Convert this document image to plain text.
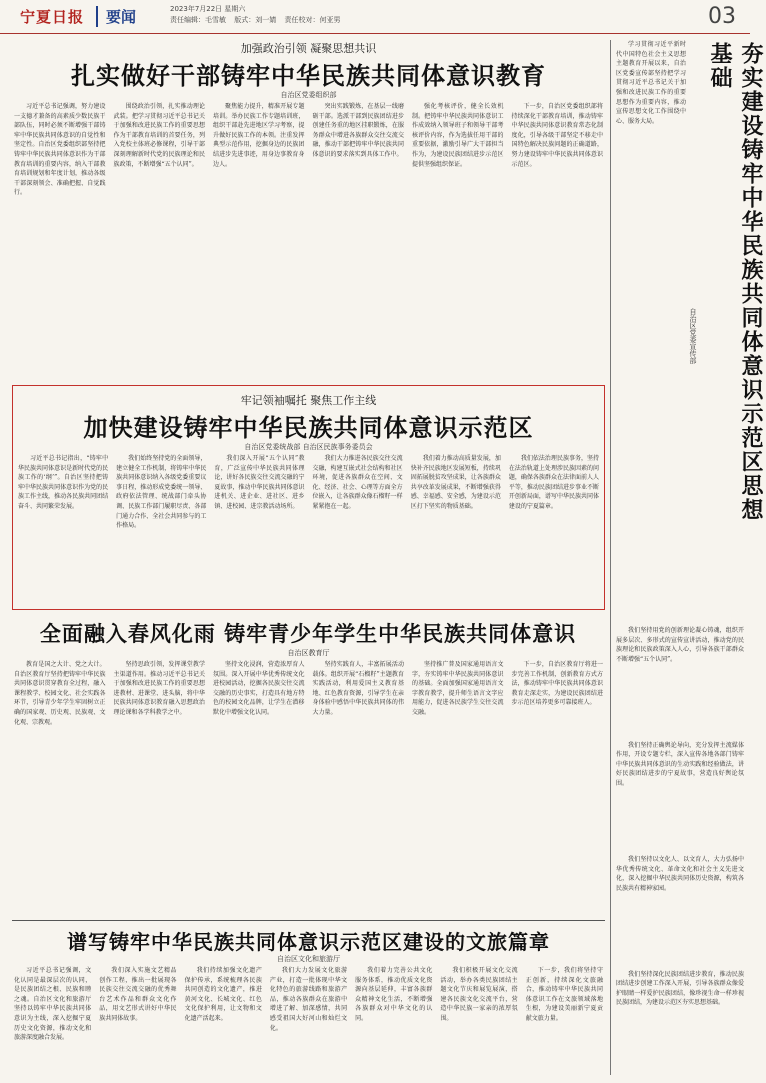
宁夏日报	要闻	2023年7月22日 星期六
责任编辑：毛雪敏 版式：刘一婧 责任校对：何亚男	03
加强政治引领 凝聚思想共识
扎实做好干部铸牢中华民族共同体意识教育
自治区党委组织部

习近平总书记强调，努力建设一支德才兼备的高素质少数民族干部队伍，同时必须不断增强干部铸牢中华民族共同体意识的自觉性和坚定性。自治区党委组织部坚持把铸牢中华民族共同体意识作为干部教育培训的重要内容，纳入干部教育培训规划和年度计划，推动各级干部深刻领会、准确把握、自觉践行。

围绕政治引领，扎实推动理论武装。把学习贯彻习近平总书记关于加强和改进民族工作的重要思想作为干部教育培训的首要任务，列入党校主体班必修课程，引导干部深刻理解新时代党的民族理论和民族政策，不断增强“五个认同”。

聚焦能力提升，精准开展专题培训。举办民族工作专题培训班，组织干部赴先进地区学习考察，提升做好民族工作的本领。注重发挥典型示范作用，挖掘身边的民族团结进步先进事迹，用身边事教育身边人。

突出实践锻炼，在基层一线磨砺干部。选派干部到民族团结进步创建任务重的地区挂职锻炼，在服务群众中增进各族群众交往交流交融，推动干部把铸牢中华民族共同体意识的要求落实到具体工作中。

强化考核评价，健全长效机制。把铸牢中华民族共同体意识工作成效纳入领导班子和领导干部考核评价内容，作为选拔任用干部的重要依据，激励引导广大干部担当作为，为建设民族团结进步示范区提供坚强组织保证。

下一步，自治区党委组织部将持续深化干部教育培训，推动铸牢中华民族共同体意识教育常态化制度化，引导各级干部坚定不移走中国特色解决民族问题的正确道路，努力建设铸牢中华民族共同体意识示范区。

牢记领袖嘱托 聚焦工作主线
加快建设铸牢中华民族共同体意识示范区
自治区党委统战部 自治区民族事务委员会

习近平总书记指出，“铸牢中华民族共同体意识是新时代党的民族工作的‘纲’”。自治区坚持把铸牢中华民族共同体意识作为党的民族工作主线，推动各民族共同团结奋斗、共同繁荣发展。

我们始终坚持党的全面领导，建立健全工作机制，将铸牢中华民族共同体意识纳入各级党委重要议事日程，推动形成党委统一领导、政府依法管理、统战部门牵头协调、民族工作部门履职尽责、各部门通力合作、全社会共同参与的工作格局。

我们深入开展“五个认同”教育，广泛宣传中华民族共同体理论，讲好各民族交往交流交融的宁夏故事，推动中华民族共同体意识进机关、进企业、进社区、进乡镇、进校园、进宗教活动场所。

我们大力推进各民族交往交流交融，构建互嵌式社会结构和社区环境，促进各族群众在空间、文化、经济、社会、心理等方面全方位嵌入，让各族群众像石榴籽一样紧紧抱在一起。

我们着力推动高质量发展，加快补齐民族地区发展短板，持续巩固拓展脱贫攻坚成果，让各族群众共享改革发展成果，不断增强获得感、幸福感、安全感，为建设示范区打下坚实的物质基础。

我们依法治理民族事务，坚持在法治轨道上处理涉民族因素的问题，确保各族群众在法律面前人人平等，推动民族团结进步事业不断开创新局面，谱写中华民族共同体建设的宁夏篇章。

全面融入春风化雨 铸牢青少年学生中华民族共同体意识
自治区教育厅

教育是国之大计、党之大计。自治区教育厅坚持把铸牢中华民族共同体意识贯穿教育全过程，融入课程教学、校园文化、社会实践各环节，引导青少年学生牢固树立正确的国家观、历史观、民族观、文化观、宗教观。

坚持思政引领，发挥课堂教学主渠道作用。推动习近平总书记关于加强和改进民族工作的重要思想进教材、进课堂、进头脑，将中华民族共同体意识教育融入思想政治理论课和各学科教学之中。

坚持文化浸润，营造浓厚育人氛围。深入开展中华优秀传统文化进校园活动，挖掘各民族交往交流交融的历史事实，打造具有地方特色的校园文化品牌，让学生在潜移默化中增强文化认同。

坚持实践育人，丰富拓展活动载体。组织开展“石榴籽”主题教育实践活动，利用爱国主义教育基地、红色教育资源，引导学生在亲身体验中感悟中华民族共同体的伟大力量。

坚持推广普及国家通用语言文字，夯实铸牢中华民族共同体意识的基础。全面加强国家通用语言文字教育教学，提升师生语言文字应用能力，促进各民族学生交往交流交融。

下一步，自治区教育厅将进一步完善工作机制，创新教育方式方法，推动铸牢中华民族共同体意识教育走深走实，为建设民族团结进步示范区培养更多可靠接班人。

谱写铸牢中华民族共同体意识示范区建设的文旅篇章
自治区文化和旅游厅

习近平总书记强调，文化认同是最深层次的认同，是民族团结之根、民族和睦之魂。自治区文化和旅游厅坚持以铸牢中华民族共同体意识为主线，深入挖掘宁夏历史文化资源，推动文化和旅游深度融合发展。

我们深入实施文艺精品创作工程，推出一批展现各民族交往交流交融的优秀舞台艺术作品和群众文化作品，用文艺形式讲好中华民族共同体故事。

我们持续加强文化遗产保护传承，系统梳理各民族共同创造的文化遗产，推进黄河文化、长城文化、红色文化保护利用，让文物和文化遗产活起来。

我们大力发展文化旅游产业，打造一批体现中华文化特色的旅游线路和旅游产品，推动各族群众在旅游中增进了解、加深感情，共同感受祖国大好河山和灿烂文化。

我们着力完善公共文化服务体系，推动优质文化资源向基层延伸，丰富各族群众精神文化生活，不断增强各族群众对中华文化的认同。

我们积极开展文化交流活动，举办各类民族团结主题文化节庆和展览展演，搭建各民族文化交流平台，营造中华民族一家亲的浓厚氛围。

下一步，我们将坚持守正创新，持续深化文旅融合，推动铸牢中华民族共同体意识工作在文旅领域落地生根，为建设美丽新宁夏贡献文旅力量。

夯实建设铸牢中华民族共同体意识示范区思想基础
自治区党委宣传部

学习贯彻习近平新时代中国特色社会主义思想主题教育开展以来，自治区党委宣传部坚持把学习贯彻习近平总书记关于加强和改进民族工作的重要思想作为重要内容，推动宣传思想文化工作围绕中心、服务大局。

我们坚持用党的创新理论凝心铸魂，组织开展多层次、多形式的宣传宣讲活动，推动党的民族理论和民族政策深入人心，引导各族干部群众不断增强“五个认同”。

我们坚持正确舆论导向，充分发挥主流媒体作用，开设专题专栏，深入宣传各地各部门铸牢中华民族共同体意识的生动实践和经验做法，讲好民族团结进步的宁夏故事，营造良好舆论氛围。

我们坚持以文化人、以文育人，大力弘扬中华优秀传统文化、革命文化和社会主义先进文化，深入挖掘中华民族共同体历史资源，构筑各民族共有精神家园。

我们坚持深化民族团结进步教育，推动民族团结进步创建工作深入开展，引导各族群众像爱护眼睛一样爱护民族团结，像珍视生命一样珍视民族团结，为建设示范区夯实思想基础。
